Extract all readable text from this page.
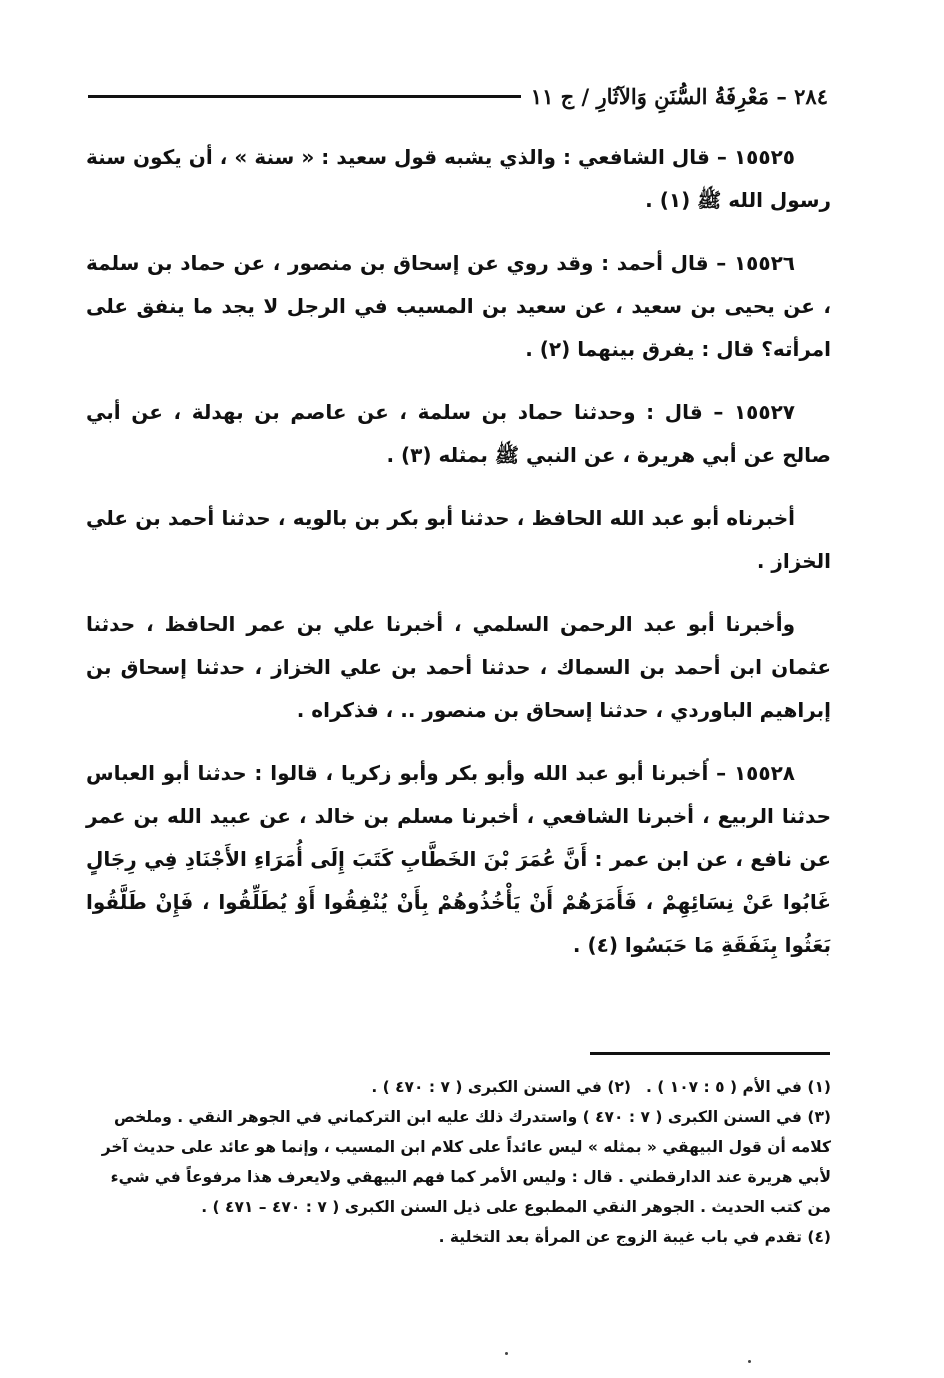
٢٨٤ – مَعْرِفَةُ السُّنَنِ وَالآثَارِ / ج ١١

١٥٥٢٥ – قال الشافعي : والذي يشبه قول سعيد : « سنة » ، أن يكون سنة رسول الله ﷺ (١) .

١٥٥٢٦ – قال أحمد : وقد روي عن إسحاق بن منصور ، عن حماد بن سلمة ، عن يحيى بن سعيد ، عن سعيد بن المسيب في الرجل لا يجد ما ينفق على امرأته؟ قال : يفرق بينهما (٢) .

١٥٥٢٧ – قال : وحدثنا حماد بن سلمة ، عن عاصم بن بهدلة ، عن أبي صالح عن أبي هريرة ، عن النبي ﷺ بمثله (٣) .

أخبرناه أبو عبد الله الحافظ ، حدثنا أبو بكر بن بالويه ، حدثنا أحمد بن علي الخزاز .

وأخبرنا أبو عبد الرحمن السلمي ، أخبرنا علي بن عمر الحافظ ، حدثنا عثمان ابن أحمد بن السماك ، حدثنا أحمد بن علي الخزاز ، حدثنا إسحاق بن إبراهيم الباوردي ، حدثنا إسحاق بن منصور .. ، فذكراه .

١٥٥٢٨ – أخبرنا أبو عبد الله وأبو بكر وأبو زكريا ، قالوا : حدثنا أبو العباس حدثنا الربيع ، أخبرنا الشافعي ، أخبرنا مسلم بن خالد ، عن عبيد الله بن عمر عن نافع ، عن ابن عمر : أَنَّ عُمَرَ بْنَ الخَطَّابِ كَتَبَ إِلَى أُمَرَاءِ الأَجْنَادِ فِي رِجَالٍ غَابُوا عَنْ نِسَائِهِمْ ، فَأَمَرَهُمْ أَنْ يَأْخُذُوهُمْ بِأَنْ يُنْفِقُوا أَوْ يُطَلِّقُوا ، فَإِنْ طَلَّقُوا بَعَثُوا بِنَفَقَةِ مَا حَبَسُوا (٤) .

(١) في الأم ( ٥ : ١٠٧ ) .
(٢) في السنن الكبرى ( ٧ : ٤٧٠ ) .

(٣) في السنن الكبرى ( ٧ : ٤٧٠ ) واستدرك ذلك عليه ابن التركماني في الجوهر النقي . وملخص كلامه أن قول البيهقي « بمثله » ليس عائداً على كلام ابن المسيب ، وإنما هو عائد على حديث آخر لأبي هريرة عند الدارقطني . قال : وليس الأمر كما فهم البيهقي ولايعرف هذا مرفوعاً في شيء من كتب الحديث . الجوهر النقي المطبوع على ذيل السنن الكبرى ( ٧ : ٤٧٠ – ٤٧١ ) .

(٤) تقدم في باب غيبة الزوج عن المرأة بعد التخلية .
